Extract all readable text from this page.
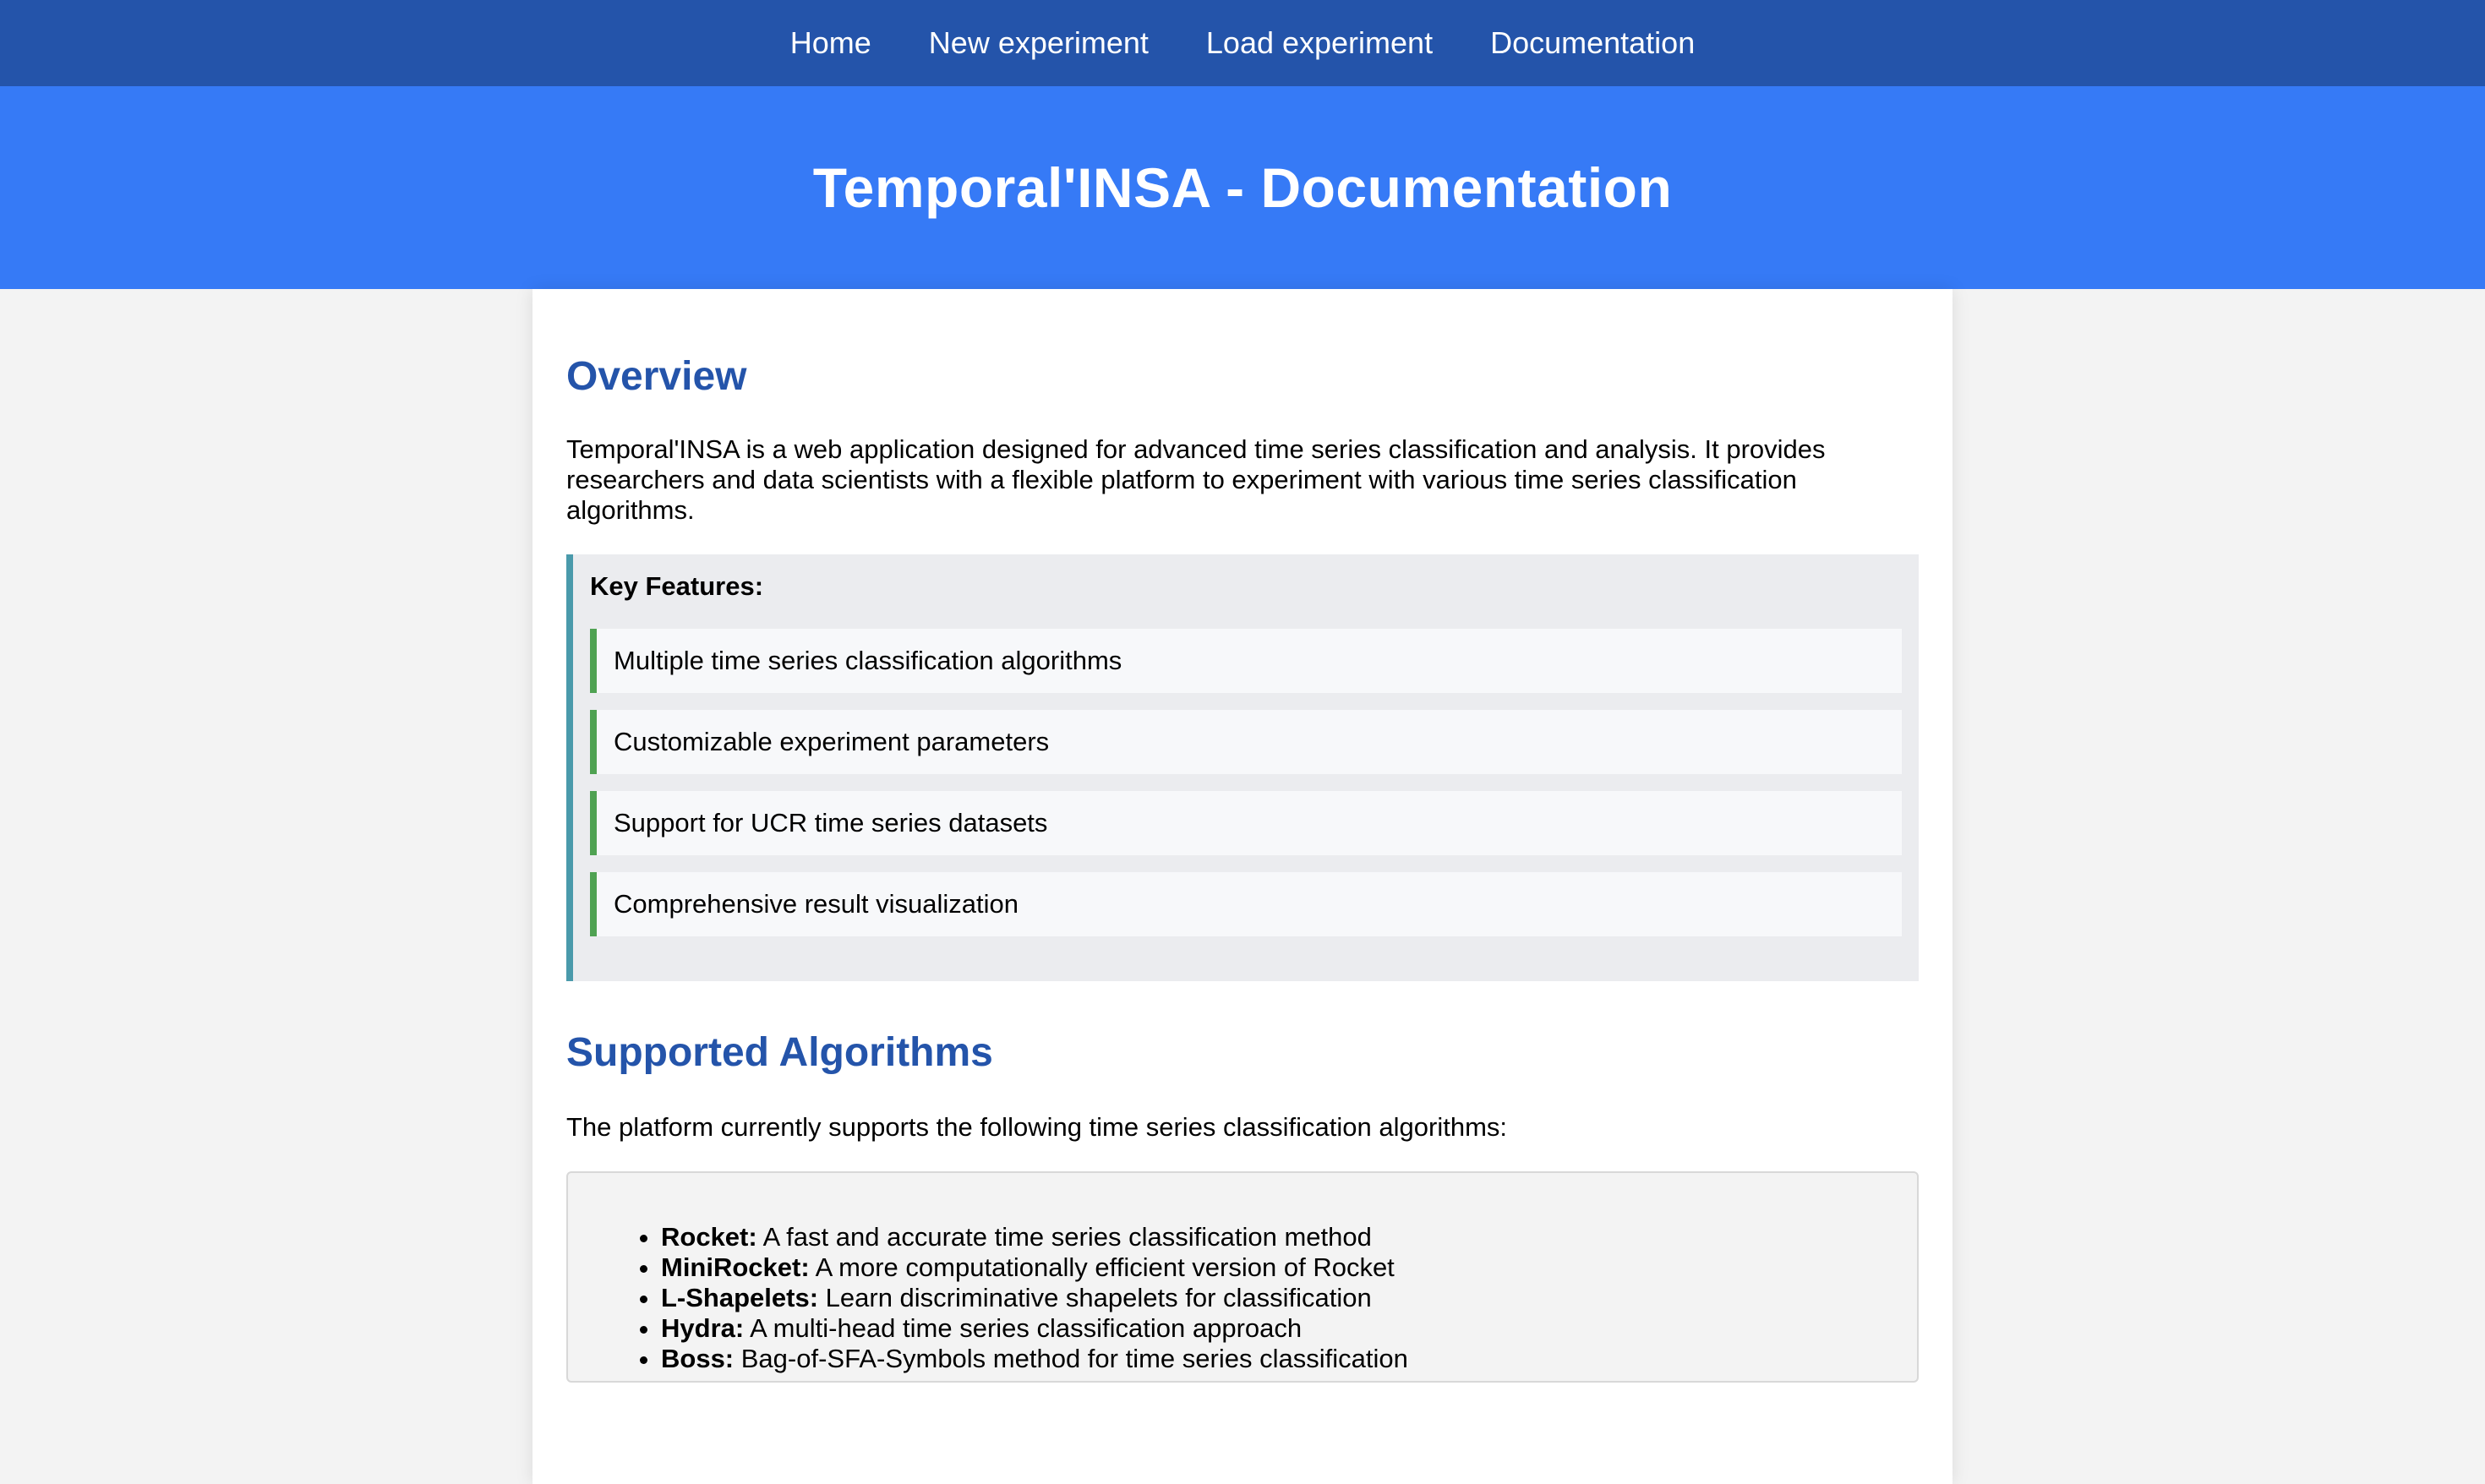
Home New experiment Load experiment Documentation
Temporal'INSA - Documentation
Overview

Temporal'INSA is a web application designed for advanced time series classification and analysis. It provides researchers and data scientists with a flexible platform to experiment with various time series classification algorithms.

Key Features:
Multiple time series classification algorithms
Customizable experiment parameters
Support for UCR time series datasets
Comprehensive result visualization
Supported Algorithms

The platform currently supports the following time series classification algorithms:

• Rocket: A fast and accurate time series classification method
• MiniRocket: A more computationally efficient version of Rocket
• L-Shapelets: Learn discriminative shapelets for classification
• Hydra: A multi-head time series classification approach
• Boss: Bag-of-SFA-Symbols method for time series classification
